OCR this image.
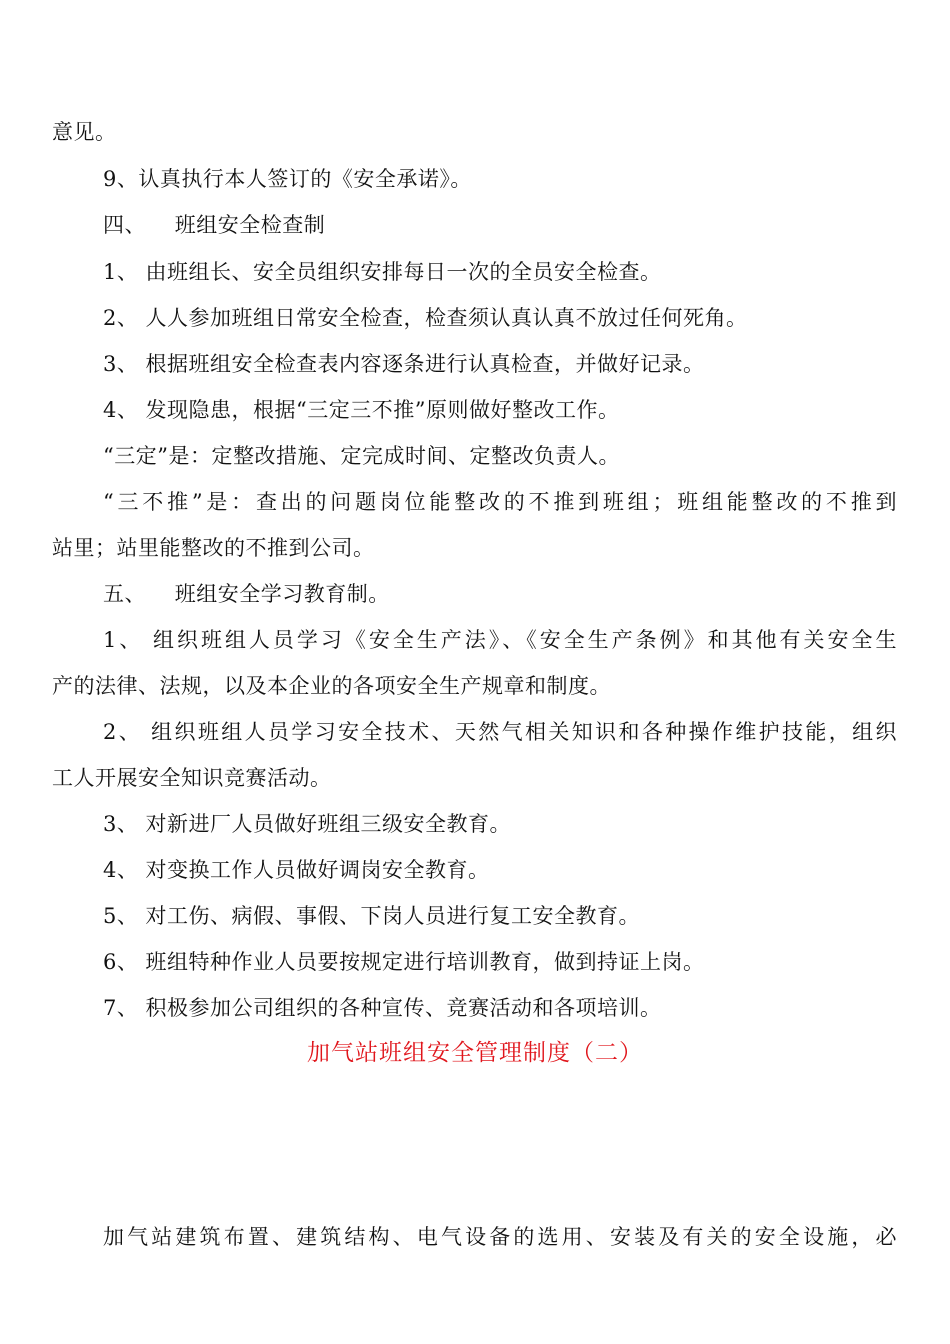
意见。
9、认真执行本人签订的《安全承诺》。
四、    班组安全检查制
1、 由班组长、安全员组织安排每日一次的全员安全检查。
2、 人人参加班组日常安全检查，检查须认真认真不放过任何死角。
3、 根据班组安全检查表内容逐条进行认真检查，并做好记录。
4、 发现隐患，根据“三定三不推”原则做好整改工作。
“三定”是：定整改措施、定完成时间、定整改负责人。
“三不推”是：查出的问题岗位能整改的不推到班组；班组能整改的不推到
站里；站里能整改的不推到公司。
五、    班组安全学习教育制。
1、 组织班组人员学习《安全生产法》、《安全生产条例》和其他有关安全生
产的法律、法规，以及本企业的各项安全生产规章和制度。
2、 组织班组人员学习安全技术、天然气相关知识和各种操作维护技能，组织
工人开展安全知识竞赛活动。
3、 对新进厂人员做好班组三级安全教育。
4、 对变换工作人员做好调岗安全教育。
5、 对工伤、病假、事假、下岗人员进行复工安全教育。
6、 班组特种作业人员要按规定进行培训教育，做到持证上岗。
7、 积极参加公司组织的各种宣传、竞赛活动和各项培训。
加气站班组安全管理制度（二）
加气站建筑布置、建筑结构、电气设备的选用、安装及有关的安全设施，必
